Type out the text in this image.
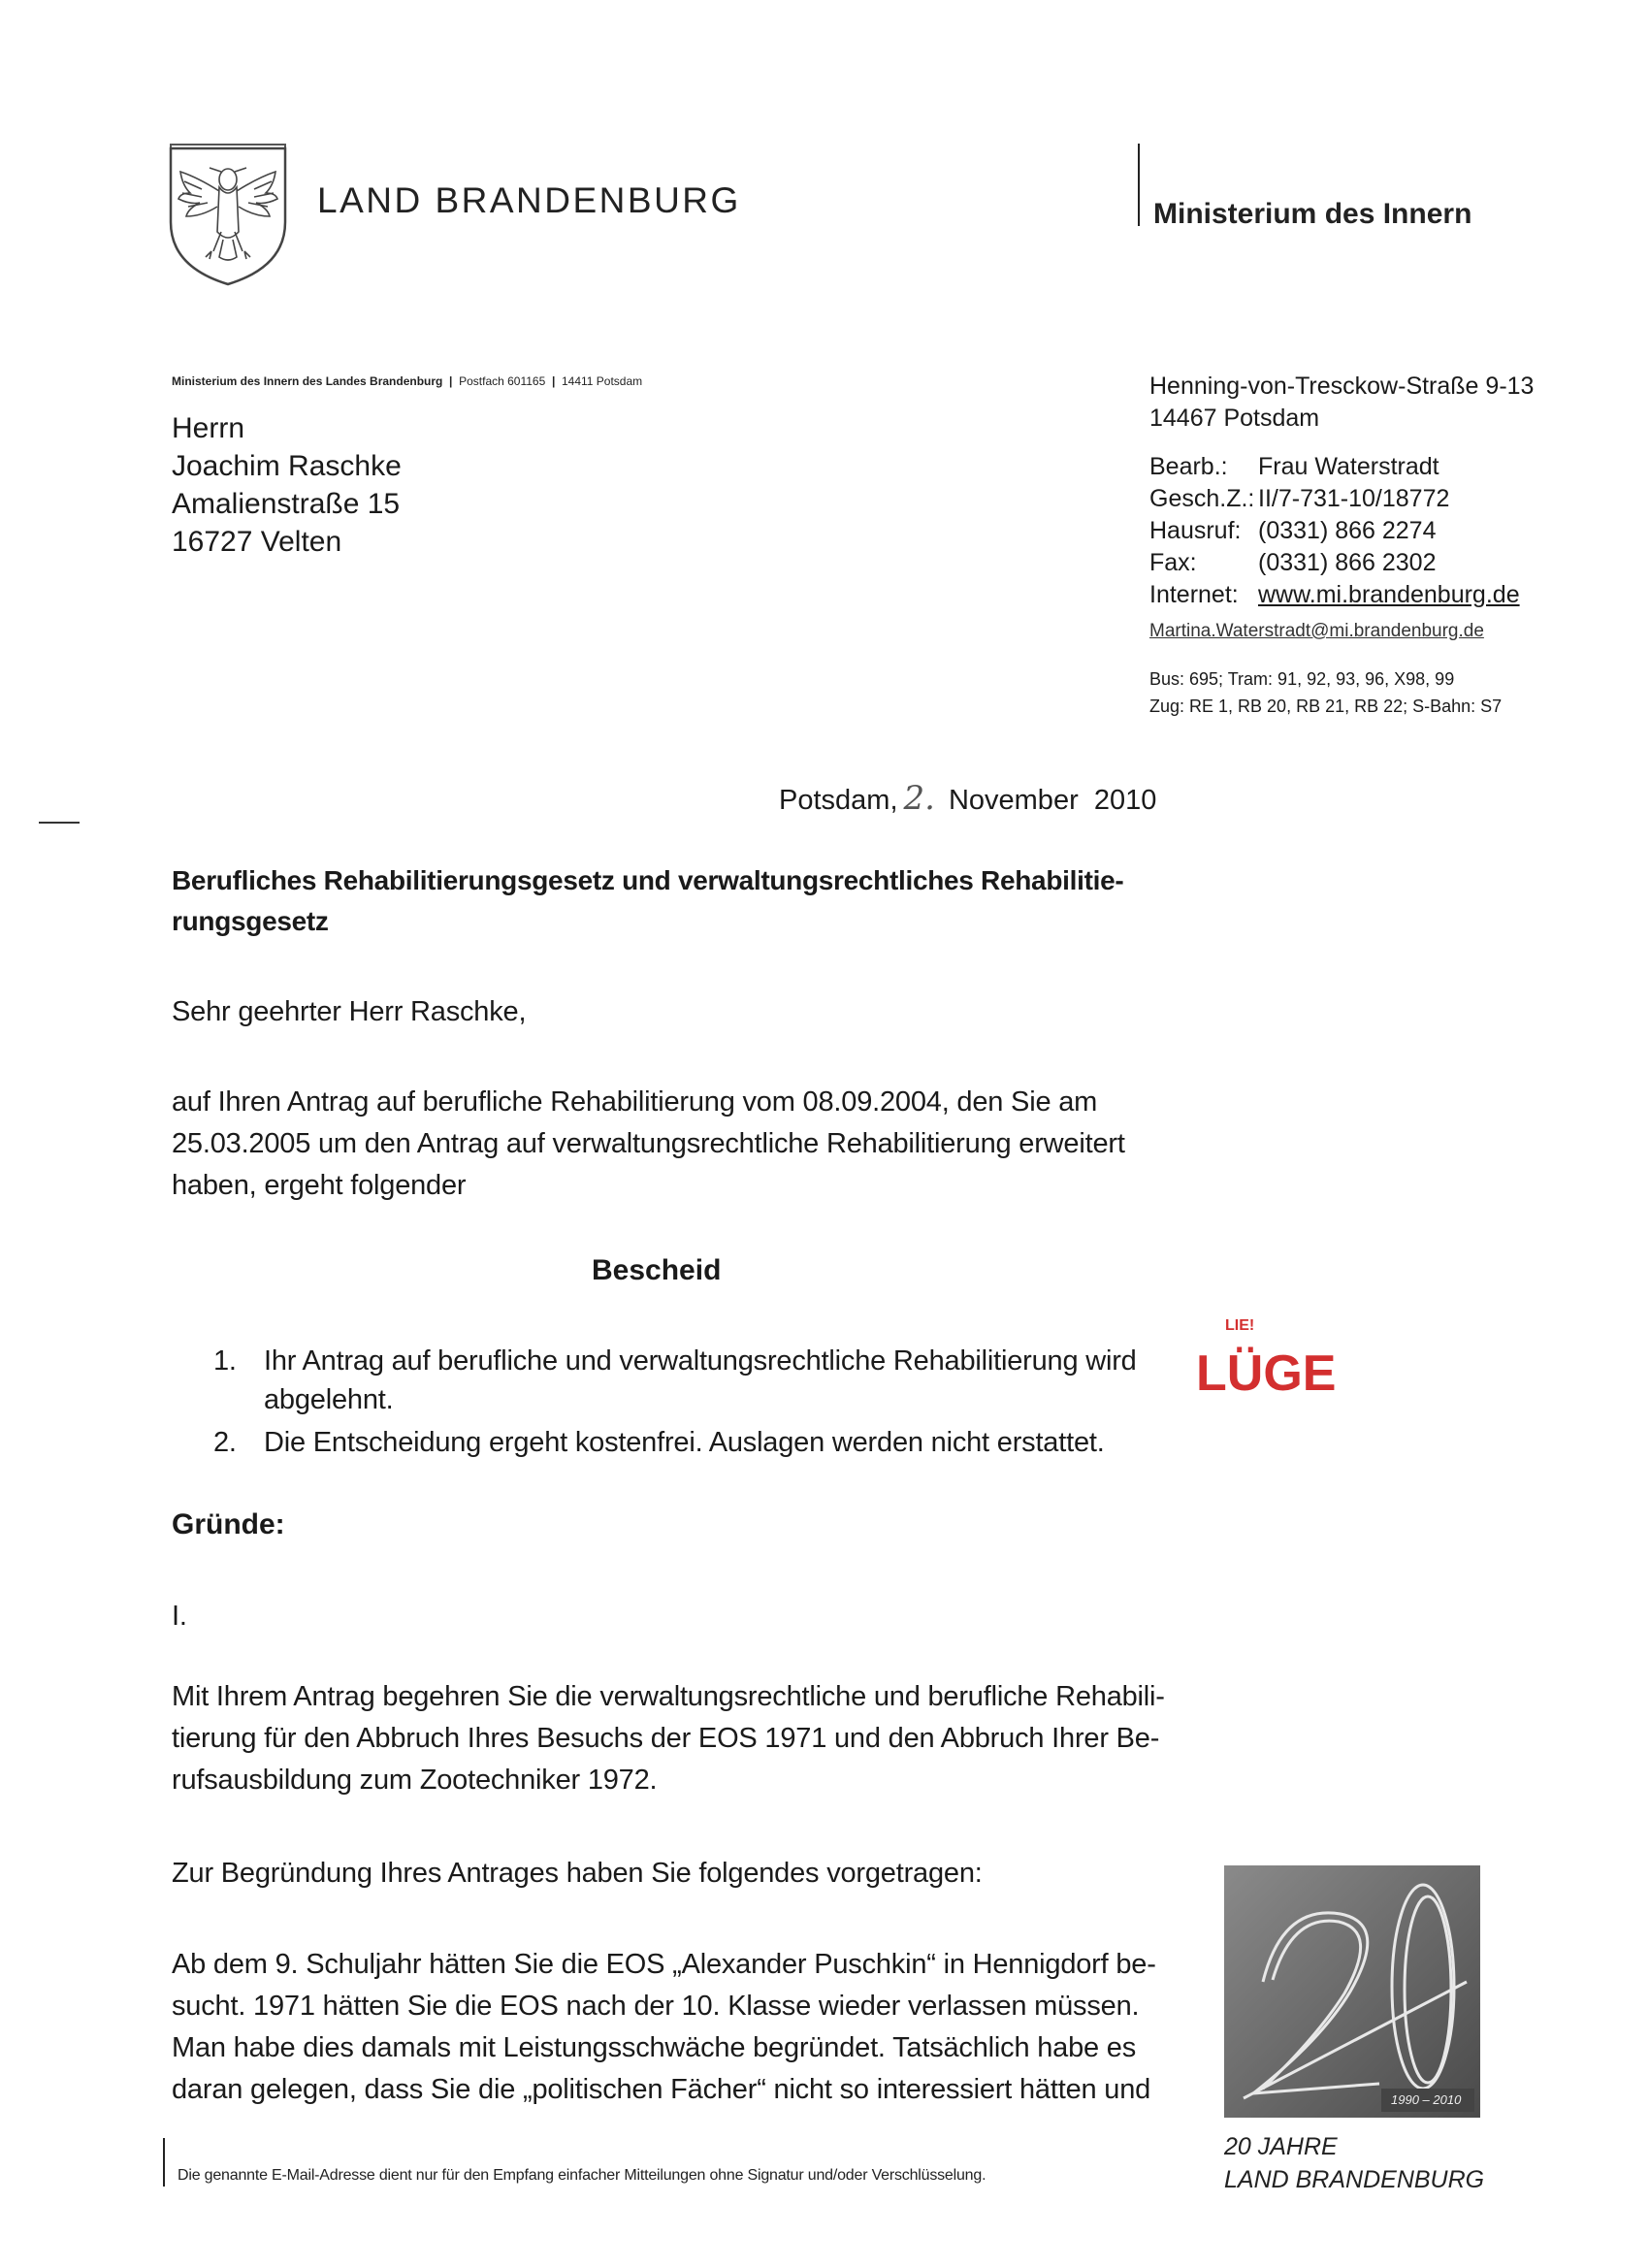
LAND BRANDENBURG	Ministerium des Innern
Ministerium des Innern des Landes Brandenburg  |  Postfach 601165  |  14411 Potsdam
Herrn
Joachim Raschke
Amalienstraße 15
16727 Velten
Henning-von-Tresckow-Straße 9-13
14467 Potsdam
Bearb.:	Frau Waterstradt
Gesch.Z.: II/7-731-10/18772
Hausruf: (0331) 866 2274
Fax:	(0331) 866 2302
Internet: www.mi.brandenburg.de
Martina.Waterstradt@mi.brandenburg.de
Bus: 695; Tram: 91, 92, 93, 96, X98, 99
Zug: RE 1, RB 20, RB 21, RB 22; S-Bahn: S7
Potsdam, 2. November  2010
Berufliches Rehabilitierungsgesetz und verwaltungsrechtliches Rehabilitie-
rungsgesetz
Sehr geehrter Herr Raschke,
auf Ihren Antrag auf berufliche Rehabilitierung vom 08.09.2004, den Sie am
25.03.2005 um den Antrag auf verwaltungsrechtliche Rehabilitierung erweitert
haben, ergeht folgender
Bescheid
1. Ihr Antrag auf berufliche und verwaltungsrechtliche Rehabilitierung wird
abgelehnt.
2. Die Entscheidung ergeht kostenfrei. Auslagen werden nicht erstattet.
LIE!
LÜGE
Gründe:
I.
Mit Ihrem Antrag begehren Sie die verwaltungsrechtliche und berufliche Rehabili-
tierung für den Abbruch Ihres Besuchs der EOS 1971 und den Abbruch Ihrer Be-
rufsausbildung zum Zootechniker 1972.
Zur Begründung Ihres Antrages haben Sie folgendes vorgetragen:
Ab dem 9. Schuljahr hätten Sie die EOS „Alexander Puschkin“ in Hennigdorf be-
sucht. 1971 hätten Sie die EOS nach der 10. Klasse wieder verlassen müssen.
Man habe dies damals mit Leistungsschwäche begründet. Tatsächlich habe es
daran gelegen, dass Sie die „politischen Fächer“ nicht so interessiert hätten und	1990 – 2010
20 JAHRE
LAND BRANDENBURG
Die genannte E-Mail-Adresse dient nur für den Empfang einfacher Mitteilungen ohne Signatur und/oder Verschlüsselung.
